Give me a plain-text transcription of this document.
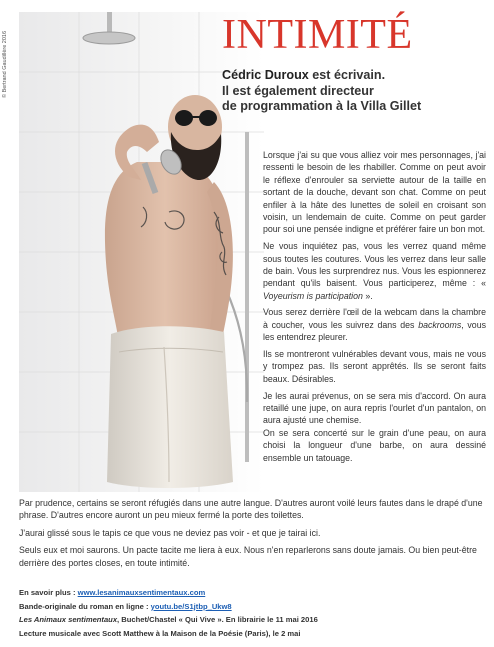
© Bertrand Gaudillère 2016	INTIMITÉ
Cédric Duroux est écrivain.
Il est également directeur
de programmation à la Villa Gillet

Lorsque j'ai su que vous alliez voir mes personnages, j'ai ressenti le besoin de les rhabiller. Comme on peut avoir le réflexe d'enrouler sa serviette autour de la taille en sortant de la douche, devant son chat. Comme on peut enfiler à la hâte des lunettes de soleil en croisant son voisin, un lendemain de cuite. Comme on peut garder pour soi une pensée indigne et préférer faire un bon mot.

Ne vous inquiétez pas, vous les verrez quand même sous toutes les coutures. Vous les verrez dans leur salle de bain. Vous les surprendrez nus. Vous les espionnerez pendant qu'ils baisent. Vous participerez, même : « Voyeurism is participation ».

Vous serez derrière l'œil de la webcam dans la chambre à coucher, vous les suivrez dans des backrooms, vous les entendrez pleurer.

Ils se montreront vulnérables devant vous, mais ne vous y trompez pas. Ils seront apprêtés. Ils se seront faits beaux. Désirables.

Je les aurai prévenus, on se sera mis d'accord. On aura retaillé une jupe, on aura repris l'ourlet d'un pantalon, on aura ajusté une chemise.

On se sera concerté sur le grain d'une peau, on aura choisi la longueur d'une barbe, on aura dessiné ensemble un tatouage.

Par prudence, certains se seront réfugiés dans une autre langue. D'autres auront voilé leurs fautes dans le drapé d'une phrase. D'autres encore auront un peu mieux fermé la porte des toilettes.

J'aurai glissé sous le tapis ce que vous ne deviez pas voir - et que je tairai ici.

Seuls eux et moi saurons. Un pacte tacite me liera à eux. Nous n'en reparlerons sans doute jamais. Ou bien peut-être derrière des portes closes, en toute intimité.

En savoir plus : www.lesanimauxsentimentaux.com
Bande-originale du roman en ligne : youtu.be/S1jtbp_Ukw8
Les Animaux sentimentaux, Buchet/Chastel « Qui Vive ». En librairie le 11 mai 2016
Lecture musicale avec Scott Matthew à la Maison de la Poésie (Paris), le 2 mai
